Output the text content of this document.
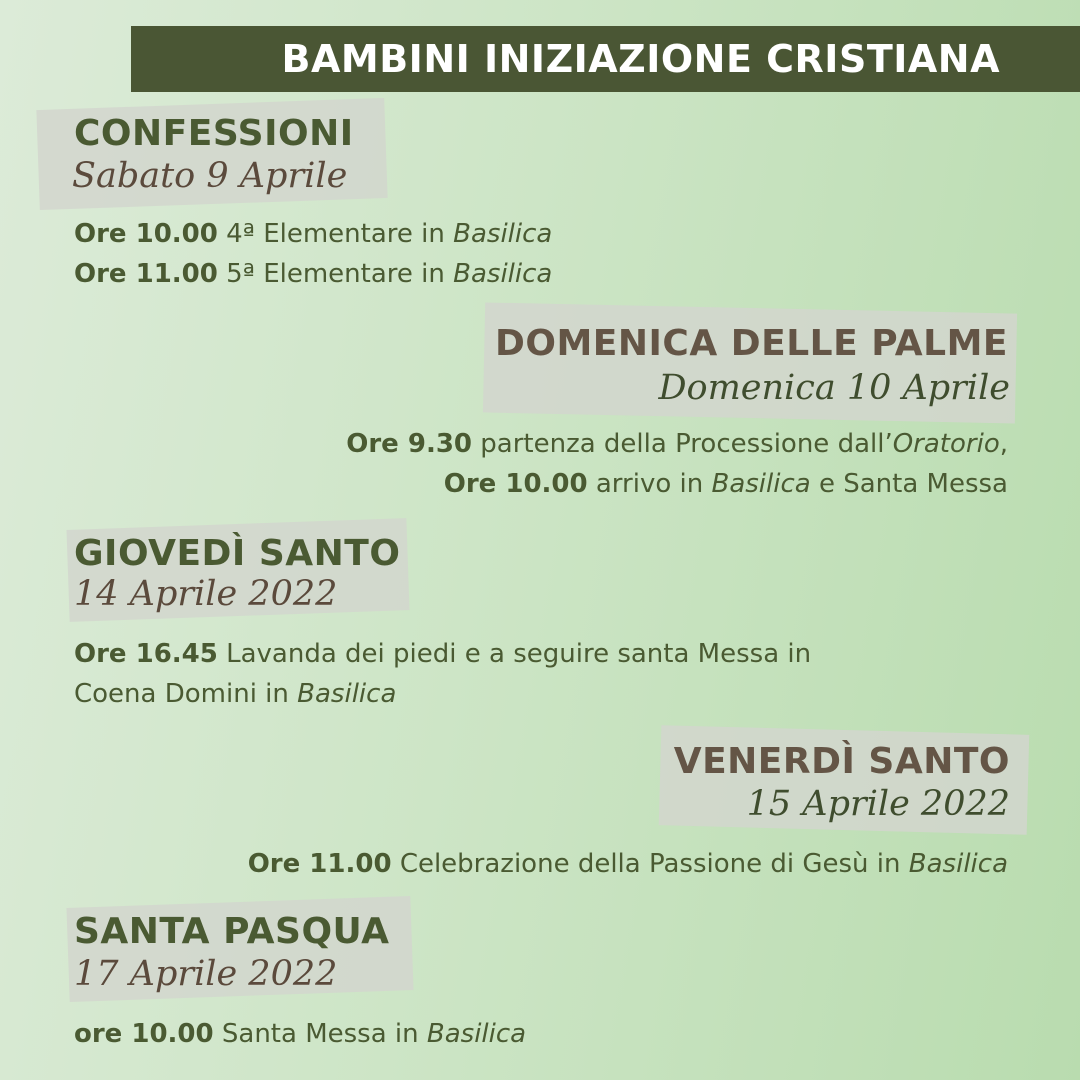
BAMBINI INIZIAZIONE CRISTIANA
CONFESSIONI
Sabato 9 Aprile
Ore 10.00 4ª Elementare in Basilica
Ore 11.00 5ª Elementare in Basilica
DOMENICA DELLE PALME
Domenica 10 Aprile
Ore 9.30 partenza della Processione dall’Oratorio,
Ore 10.00 arrivo in Basilica e Santa Messa
GIOVEDÌ SANTO
14 Aprile 2022
Ore 16.45 Lavanda dei piedi e a seguire santa Messa in
Coena Domini in Basilica
VENERDÌ SANTO
15 Aprile 2022
Ore 11.00 Celebrazione della Passione di Gesù in Basilica
SANTA PASQUA
17 Aprile 2022
ore 10.00 Santa Messa in Basilica
